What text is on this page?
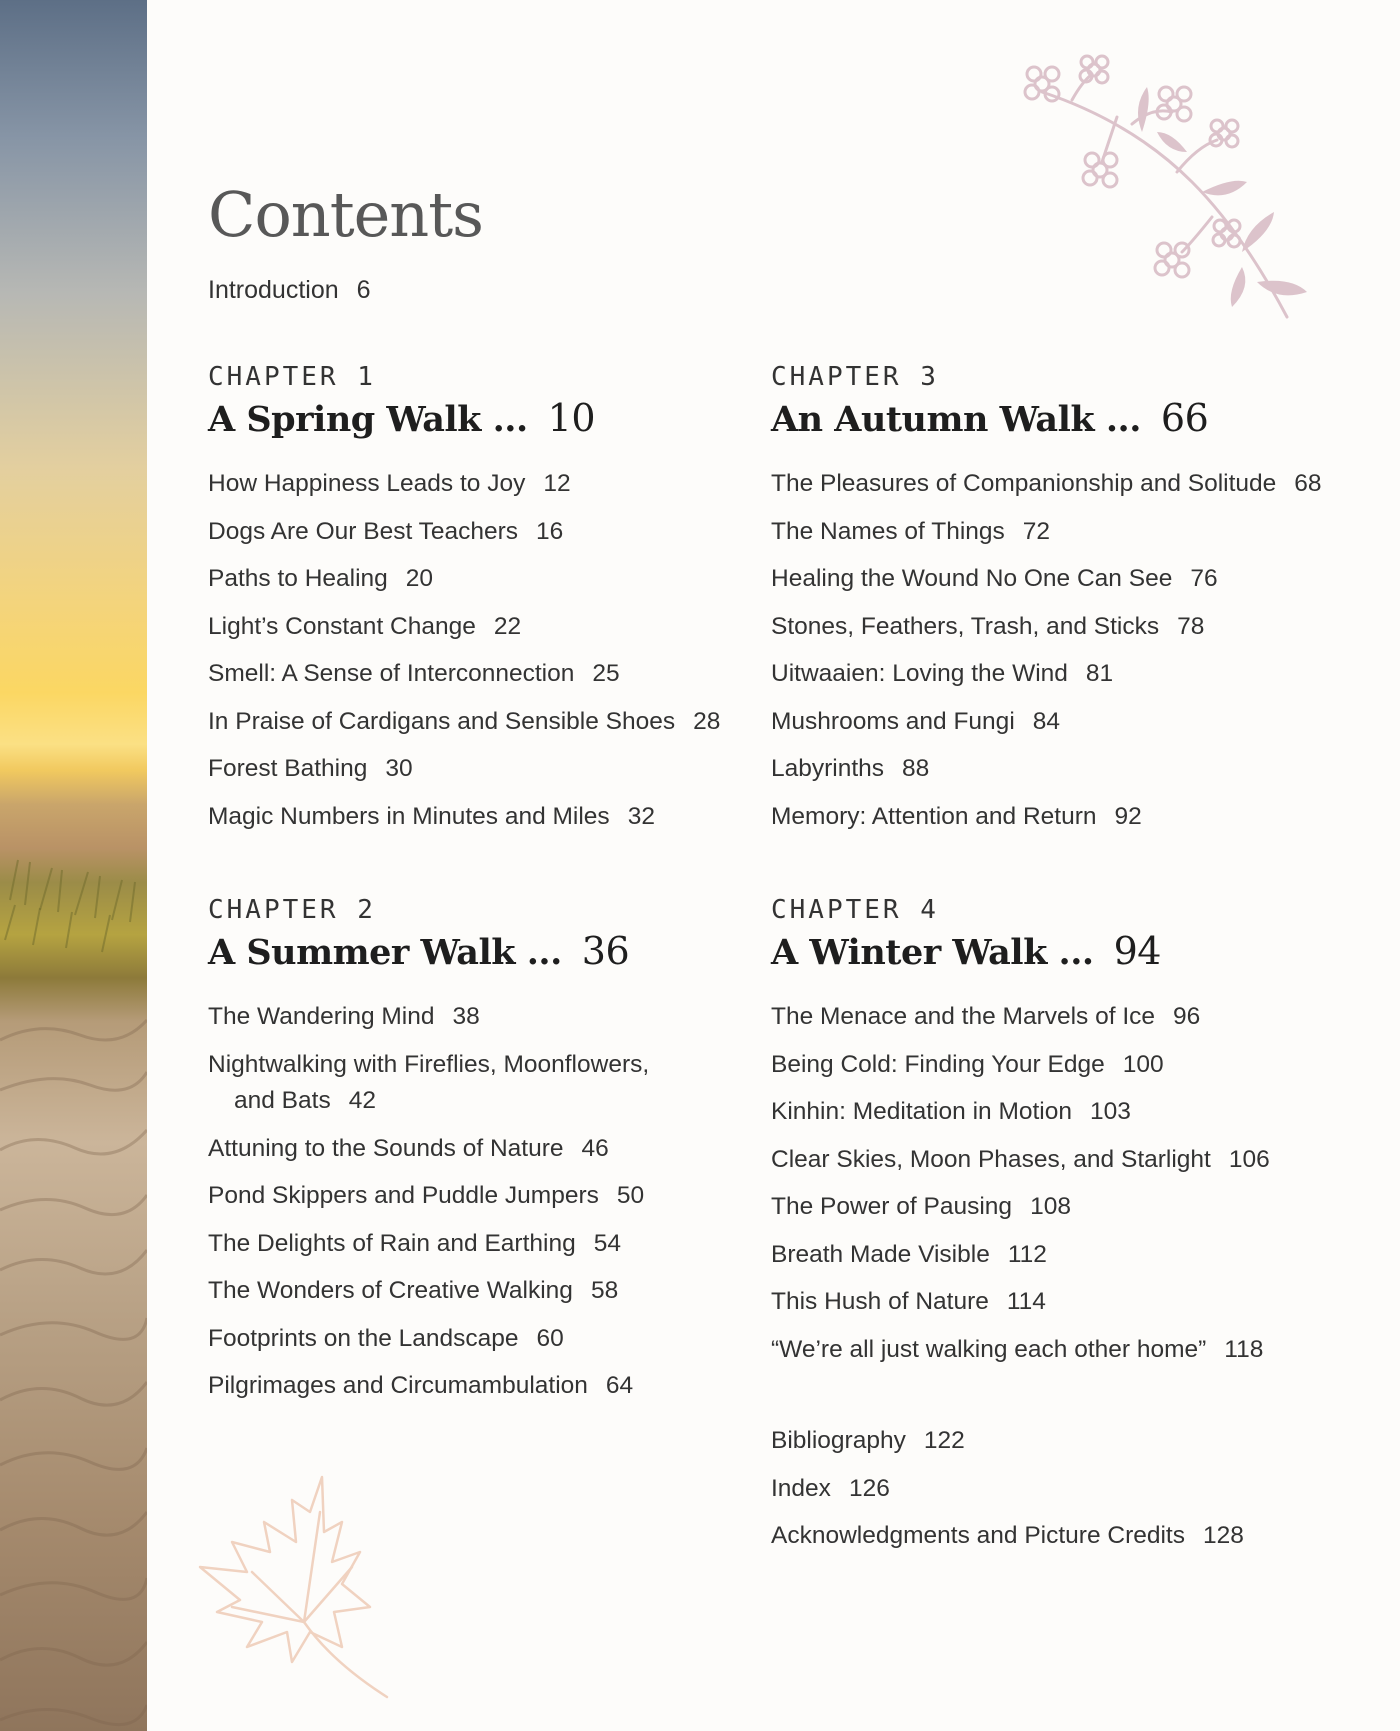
Contents
Introduction 6
CHAPTER 1
A Spring Walk ... 10
How Happiness Leads to Joy 12
Dogs Are Our Best Teachers 16
Paths to Healing 20
Light’s Constant Change 22
Smell: A Sense of Interconnection 25
In Praise of Cardigans and Sensible Shoes 28
Forest Bathing 30
Magic Numbers in Minutes and Miles 32
CHAPTER 2
A Summer Walk ... 36
The Wandering Mind 38
Nightwalking with Fireflies, Moonflowers,
and Bats 42
Attuning to the Sounds of Nature 46
Pond Skippers and Puddle Jumpers 50
The Delights of Rain and Earthing 54
The Wonders of Creative Walking 58
Footprints on the Landscape 60
Pilgrimages and Circumambulation 64
CHAPTER 3
An Autumn Walk ... 66
The Pleasures of Companionship and Solitude 68
The Names of Things 72
Healing the Wound No One Can See 76
Stones, Feathers, Trash, and Sticks 78
Uitwaaien: Loving the Wind 81
Mushrooms and Fungi 84
Labyrinths 88
Memory: Attention and Return 92
CHAPTER 4
A Winter Walk ... 94
The Menace and the Marvels of Ice 96
Being Cold: Finding Your Edge 100
Kinhin: Meditation in Motion 103
Clear Skies, Moon Phases, and Starlight 106
The Power of Pausing 108
Breath Made Visible 112
This Hush of Nature 114
“We’re all just walking each other home” 118
Bibliography 122
Index 126
Acknowledgments and Picture Credits 128
